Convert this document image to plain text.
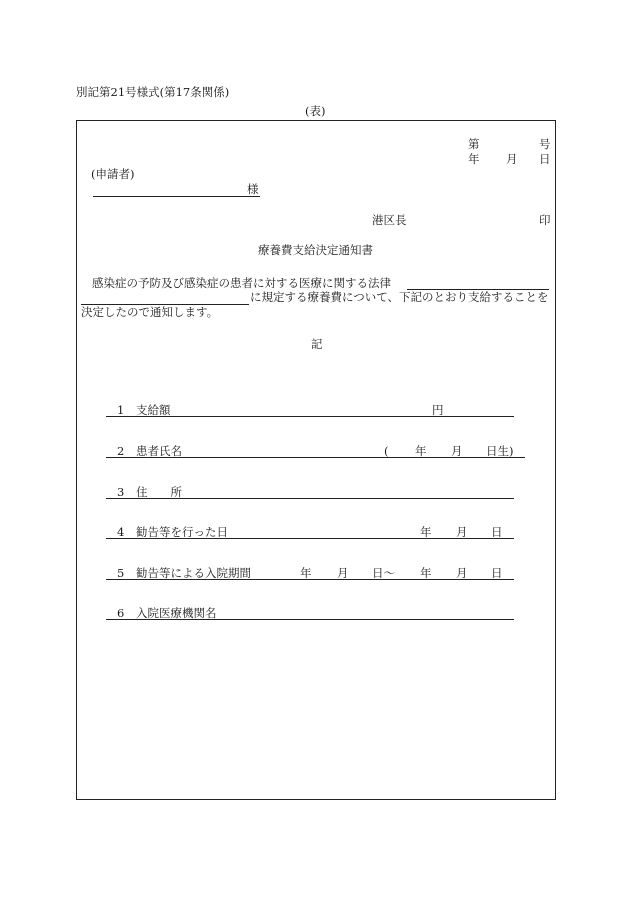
別記第21号様式(第17条関係)
(表)
第	号
年 月 日
(申請者)
様
港区長	印
療養費支給決定通知書
感染症の予防及び感染症の患者に対する医療に関する法律
に規定する療養費について、下記のとおり支給することを
決定したので通知します。
記
1 支給額	円
2 患者氏名	( 年 月 日生)
3 住　　所
4 勧告等を行った日	年 月 日
5 勧告等による入院期間	年 月 日〜 年 月 日
6 入院医療機関名
